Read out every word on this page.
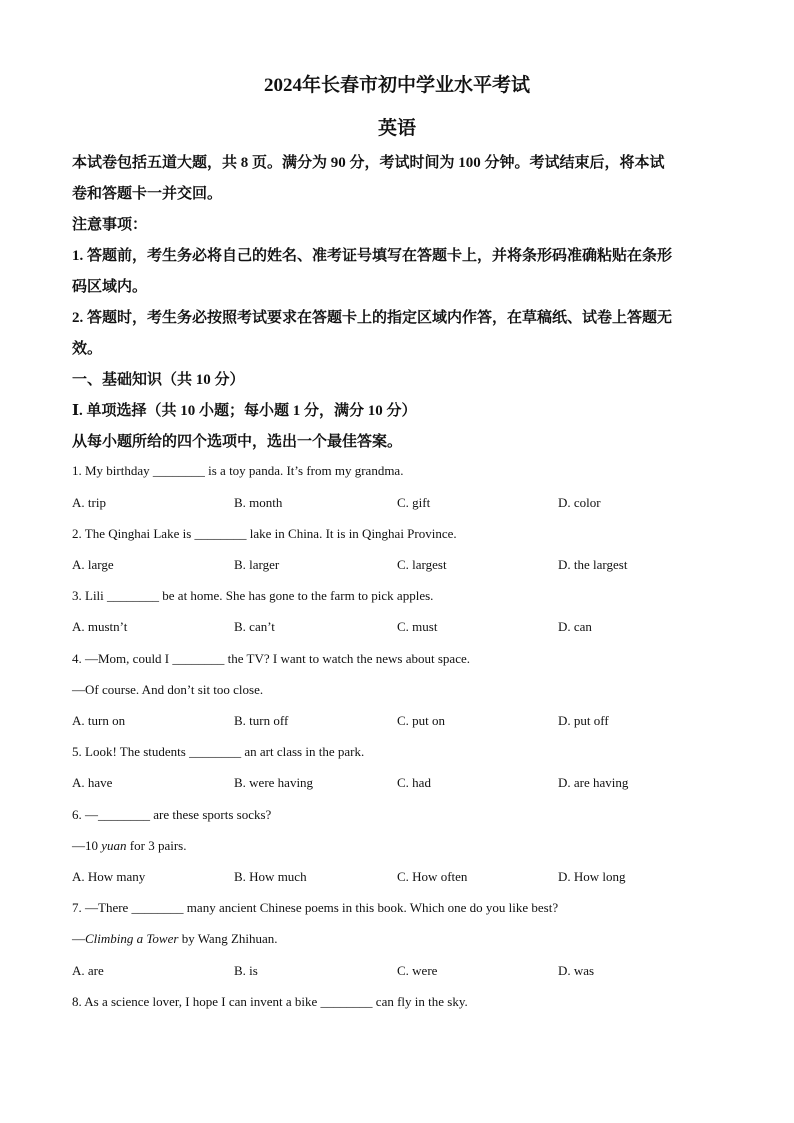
2024年长春市初中学业水平考试
英语
本试卷包括五道大题，共 8 页。满分为 90 分，考试时间为 100 分钟。考试结束后，将本试
卷和答题卡一并交回。
注意事项：
1. 答题前，考生务必将自己的姓名、准考证号填写在答题卡上，并将条形码准确粘贴在条形
码区域内。
2. 答题时，考生务必按照考试要求在答题卡上的指定区域内作答，在草稿纸、试卷上答题无
效。
一、基础知识（共 10 分）
Ⅰ. 单项选择（共 10 小题；每小题 1 分，满分 10 分）
从每小题所给的四个选项中，选出一个最佳答案。
1. My birthday ________ is a toy panda. It’s from my grandma.
A. trip	B. month	C. gift	D. color
2. The Qinghai Lake is ________ lake in China. It is in Qinghai Province.
A. large	B. larger	C. largest	D. the largest
3. Lili ________ be at home. She has gone to the farm to pick apples.
A. mustn’t	B. can’t	C. must	D. can
4. —Mom, could I ________ the TV? I want to watch the news about space.
—Of course. And don’t sit too close.
A. turn on	B. turn off	C. put on	D. put off
5. Look! The students ________ an art class in the park.
A. have	B. were having	C. had	D. are having
6. —________ are these sports socks?
—10 yuan for 3 pairs.
A. How many	B. How much	C. How often	D. How long
7. —There ________ many ancient Chinese poems in this book. Which one do you like best?
—Climbing a Tower by Wang Zhihuan.
A. are	B. is	C. were	D. was
8. As a science lover, I hope I can invent a bike ________ can fly in the sky.
